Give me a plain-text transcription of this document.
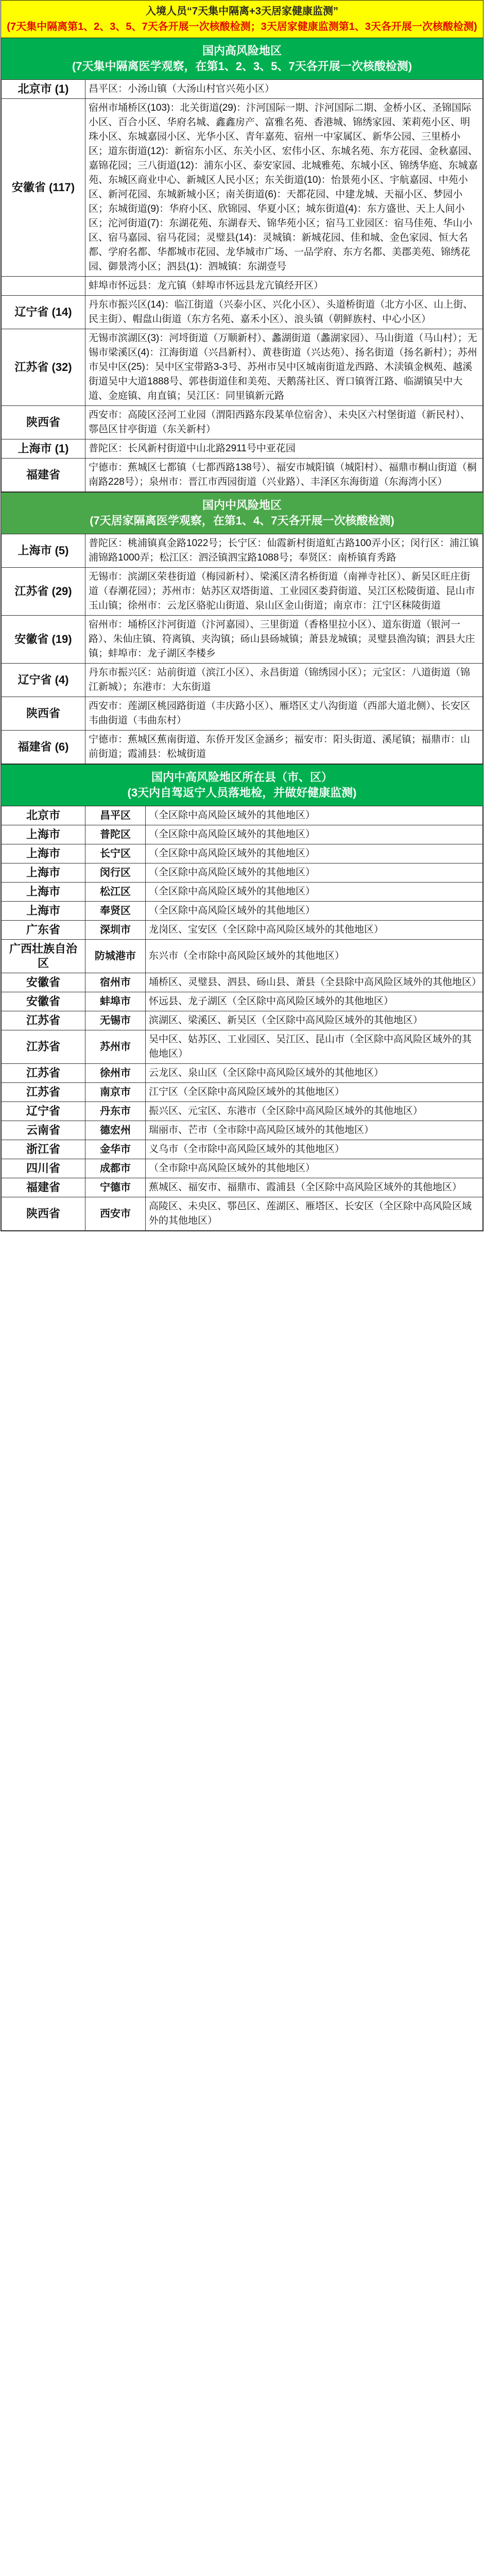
入境人员“7天集中隔离+3天居家健康监测”
(7天集中隔离第1、2、3、5、7天各开展一次核酸检测；3天居家健康监测第1、3天各开展一次核酸检测)
国内高风险地区
(7天集中隔离医学观察，在第1、2、3、5、7天各开展一次核酸检测)
北京市 (1)	昌平区：小汤山镇（大汤山村官兴苑小区）
安徽省 (117)	宿州市埇桥区(103)：北关街道(29)：汴河国际一期、汴河国际二期、金桥小区、圣锦国际小区、百合小区、华府名城、鑫鑫房产、富雅名苑、香港城、锦绣家园、茉莉苑小区、明珠小区、东城嘉园小区、光华小区、青年嘉苑、宿州一中家属区、新华公园、三里桥小区；道东街道(12)：新宿东小区、东关小区、宏伟小区、东城名苑、东方花园、金秋嘉园、嘉锦花园；三八街道(12)：浦东小区、泰安家园、北城雅苑、东城小区、锦绣华庭、东城嘉苑、东城区商业中心、新城区人民小区；东关街道(10)：怡景苑小区、宇航嘉园、中苑小区、新河花园、东城新城小区；南关街道(6)：天都花园、中建龙城、天福小区、梦园小区；东城街道(9)：华府小区、欣锦园、华夏小区；城东街道(4)：东方盛世、天上人间小区；沱河街道(7)：东湖花苑、东湖春天、锦华苑小区；宿马工业园区：宿马佳苑、华山小区、宿马嘉园、宿马花园；灵璧县(14)：灵城镇：新城花园、佳和城、金色家园、恒大名都、学府名都、华都城市花园、龙华城市广场、一品学府、东方名都、美郡美苑、锦绣花园、御景湾小区；泗县(1)：泗城镇：东湖壹号
	蚌埠市怀远县：龙亢镇（蚌埠市怀远县龙亢镇经开区）
辽宁省 (14)	丹东市振兴区(14)：临江街道（兴泰小区、兴化小区）、头道桥街道（北方小区、山上街、民主街）、帽盘山街道（东方名苑、嘉禾小区）、浪头镇（朝鲜族村、中心小区）
江苏省 (32)	无锡市滨湖区(3)：河埒街道（万顺新村）、蠡湖街道（蠡湖家园）、马山街道（马山村）；无锡市梁溪区(4)：江海街道（兴昌新村）、黄巷街道（兴达苑）、扬名街道（扬名新村）；苏州市吴中区(25)：吴中区宝带路3-3号、苏州市吴中区城南街道龙西路、木渎镇金枫苑、越溪街道吴中大道1888号、郭巷街道佳和美苑、天鹅荡社区、胥口镇胥江路、临湖镇吴中大道、金庭镇、甪直镇；吴江区：同里镇新元路
陕西省	西安市：高陵区泾河工业园（渭阳西路东段某单位宿舍）、未央区六村堡街道（新民村）、鄠邑区甘亭街道（东关新村）
上海市 (1)	普陀区：长风新村街道中山北路2911号中亚花园
福建省	宁德市：蕉城区七都镇（七都西路138号）、福安市城阳镇（城阳村）、福鼎市桐山街道（桐南路228号）；泉州市：晋江市西园街道（兴业路）、丰泽区东海街道（东海湾小区）
国内中风险地区
(7天居家隔离医学观察，在第1、4、7天各开展一次核酸检测)
上海市 (5)	普陀区：桃浦镇真金路1022号；长宁区：仙霞新村街道虹古路100弄小区；闵行区：浦江镇浦锦路1000弄；松江区：泗泾镇泗宝路1088号；奉贤区：南桥镇育秀路
江苏省 (29)	无锡市：滨湖区荣巷街道（梅园新村）、梁溪区清名桥街道（南禅寺社区）、新吴区旺庄街道（春潮花园）；苏州市：姑苏区双塔街道、工业园区娄葑街道、吴江区松陵街道、昆山市玉山镇；徐州市：云龙区骆驼山街道、泉山区金山街道；南京市：江宁区秣陵街道
安徽省 (19)	宿州市：埇桥区汴河街道（汴河嘉园）、三里街道（香格里拉小区）、道东街道（银河一路）、朱仙庄镇、符离镇、夹沟镇；砀山县砀城镇；萧县龙城镇；灵璧县渔沟镇；泗县大庄镇；蚌埠市：龙子湖区李楼乡
辽宁省 (4)	丹东市振兴区：站前街道（滨江小区）、永昌街道（锦绣园小区）；元宝区：八道街道（锦江新城）；东港市：大东街道
陕西省	西安市：莲湖区桃园路街道（丰庆路小区）、雁塔区丈八沟街道（西部大道北侧）、长安区韦曲街道（韦曲东村）
福建省 (6)	宁德市：蕉城区蕉南街道、东侨开发区金涵乡；福安市：阳头街道、溪尾镇；福鼎市：山前街道；霞浦县：松城街道
国内中高风险地区所在县（市、区）
(3天内自驾返宁人员落地检，并做好健康监测)
北京市	昌平区	（全区除中高风险区域外的其他地区）
上海市	普陀区	（全区除中高风险区域外的其他地区）
上海市	长宁区	（全区除中高风险区域外的其他地区）
上海市	闵行区	（全区除中高风险区域外的其他地区）
上海市	松江区	（全区除中高风险区域外的其他地区）
上海市	奉贤区	（全区除中高风险区域外的其他地区）
广东省	深圳市	龙岗区、宝安区（全区除中高风险区域外的其他地区）
广西壮族自治区	防城港市	东兴市（全市除中高风险区域外的其他地区）
安徽省	宿州市	埇桥区、灵璧县、泗县、砀山县、萧县（全县除中高风险区域外的其他地区）
安徽省	蚌埠市	怀远县、龙子湖区（全区除中高风险区域外的其他地区）
江苏省	无锡市	滨湖区、梁溪区、新吴区（全区除中高风险区域外的其他地区）
江苏省	苏州市	吴中区、姑苏区、工业园区、吴江区、昆山市（全区除中高风险区域外的其他地区）
江苏省	徐州市	云龙区、泉山区（全区除中高风险区域外的其他地区）
江苏省	南京市	江宁区（全区除中高风险区域外的其他地区）
辽宁省	丹东市	振兴区、元宝区、东港市（全区除中高风险区域外的其他地区）
云南省	德宏州	瑞丽市、芒市（全市除中高风险区域外的其他地区）
浙江省	金华市	义乌市（全市除中高风险区域外的其他地区）
四川省	成都市	（全市除中高风险区域外的其他地区）
福建省	宁德市	蕉城区、福安市、福鼎市、霞浦县（全区除中高风险区域外的其他地区）
陕西省	西安市	高陵区、未央区、鄠邑区、莲湖区、雁塔区、长安区（全区除中高风险区域外的其他地区）
